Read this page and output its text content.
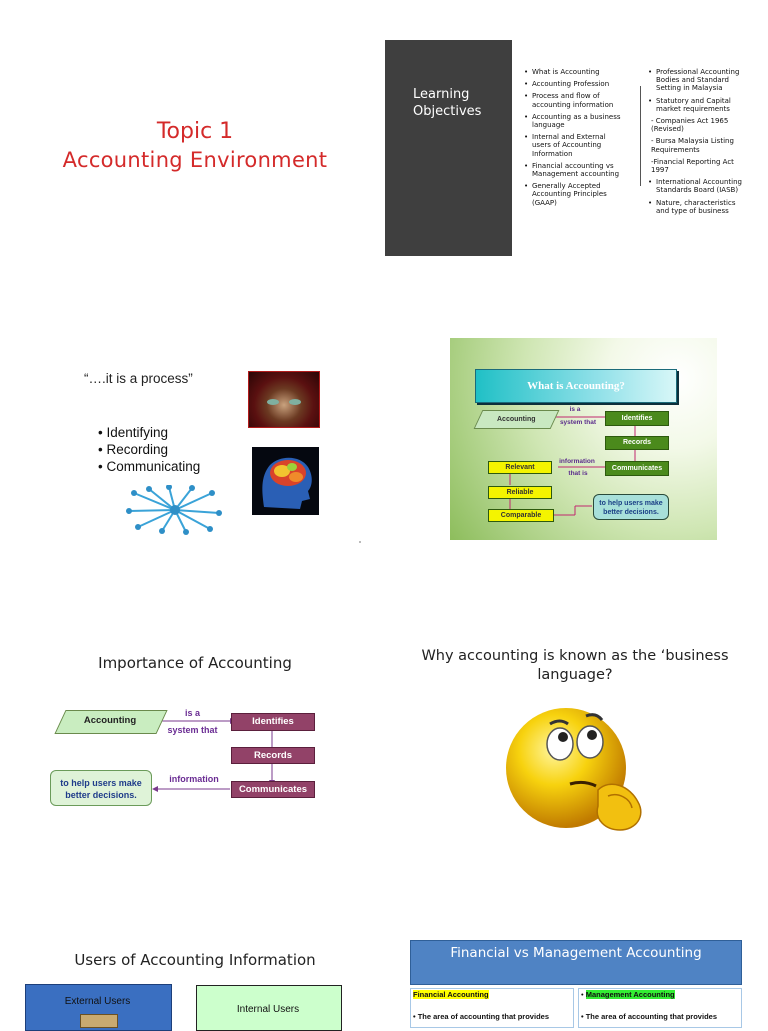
Topic 1
Accounting Environment
Learning
Objectives
• What is Accounting
• Accounting Profession
• Process and flow of accounting information
• Accounting as a business language
• Internal and External users of Accounting Information
• Financial accounting vs Management accounting
• Generally Accepted Accounting Principles (GAAP)
• Professional Accounting Bodies and Standard Setting in Malaysia
• Statutory and Capital market requirements
- Companies Act 1965 (Revised)
- Bursa Malaysia Listing Requirements
-Financial Reporting Act 1997
• International Accounting Standards Board (IASB)
• Nature, characteristics and type of business
“….it is a process”
• Identifying
• Recording
• Communicating
What is Accounting?
Accounting
is a
system that
Identifies
Records
Communicates
information
that is
Relevant
Reliable
Comparable
to help users make better decisions.
Importance of Accounting
Accounting
is a
system that
Identifies
Records
Communicates
information
to help users make better decisions.
Why accounting is known as the ‘business language?
Users of Accounting Information
External Users
Internal Users
Financial vs Management Accounting
Financial Accounting
• The area of accounting that provides
• Management Accounting
• The area of accounting that provides
